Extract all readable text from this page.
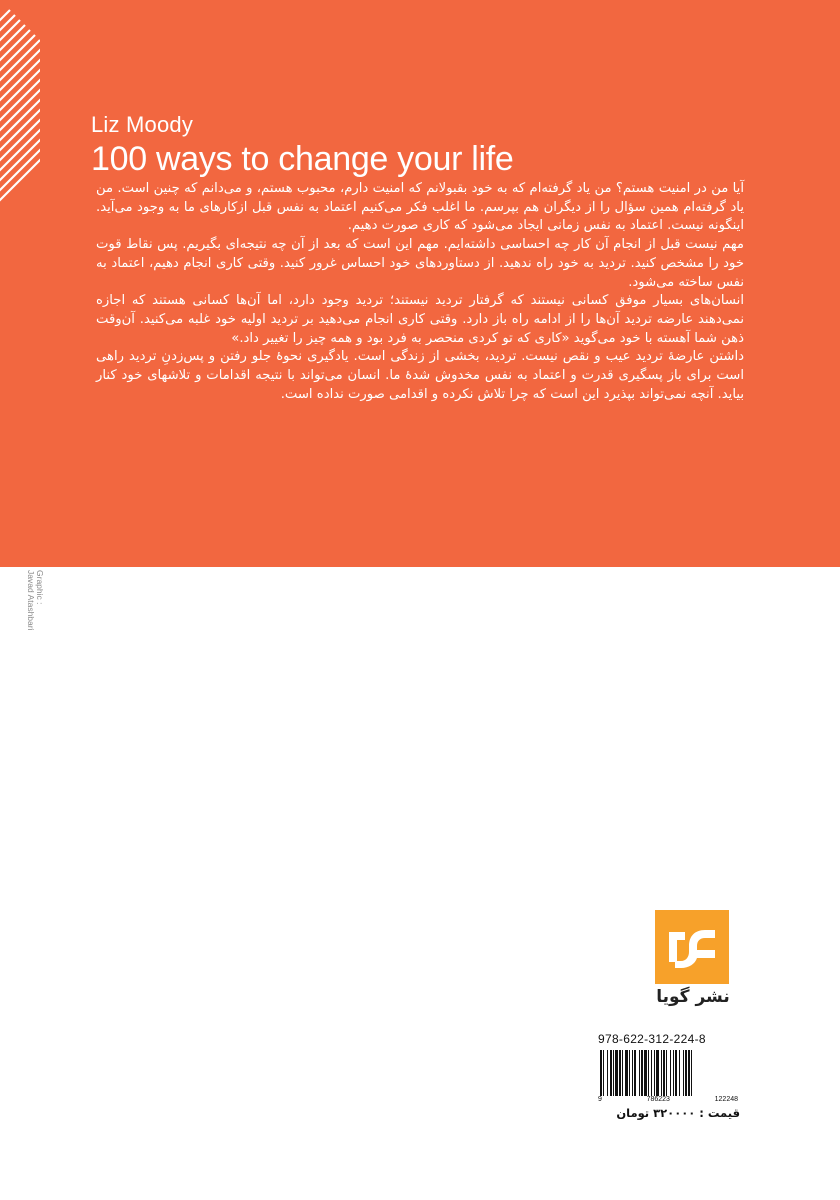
Liz Moody
100 ways to change your life

آیا من در امنیت هستم؟ من یاد گرفته‌ام که به خود بقبولانم که امنیت دارم، محبوب هستم، و می‌دانم که چنین است. من یاد گرفته‌ام همین سؤال را از دیگران هم بپرسم. ما اغلب فکر می‌کنیم اعتماد به نفس قبل ازکارهای ما به وجود می‌آید. اینگونه نیست. اعتماد به نفس زمانی ایجاد می‌شود که کاری صورت دهیم.

مهم نیست قبل از انجام آن کار چه احساسی داشته‌ایم. مهم این است که بعد از آن چه نتیجه‌ای بگیریم. پس نقاط قوت خود را مشخص کنید. تردید به خود راه ندهید. از دستاوردهای خود احساس غرور کنید. وقتی کاری انجام دهیم، اعتماد به نفس ساخته می‌شود.

انسان‌های بسیار موفق کسانی نیستند که گرفتار تردید نیستند؛ تردید وجود دارد، اما آن‌ها کسانی هستند که اجازه نمی‌دهند عارضه تردید آن‌ها را از ادامه راه باز دارد. وقتی کاری انجام می‌دهید بر تردید اولیه خود غلبه می‌کنید. آن‌وقت ذهن شما آهسته با خود می‌گوید «کاری که تو کردی منحصر به فرد بود و همه چیز را تغییر داد.»

داشتن عارضهٔ تردید عیب و نقص نیست. تردید، بخشی از زندگی است. یادگیری نحوهٔ جلو رفتن و پس‌زدنِ تردید راهی است برای باز پسگیری قدرت و اعتماد به نفس مخدوش شدهٔ ما. انسان می‌تواند با نتیجه اقدامات و تلاشهای خود کنار بیاید. آنچه نمی‌تواند بپذیرد این است که چرا تلاش نکرده و اقدامی صورت نداده است.

Graphic :
Javad Atashbari
نشر گویا
978-622-312-224-8
9	786223	122248
قیمت : ۳۲۰۰۰۰ تومان
